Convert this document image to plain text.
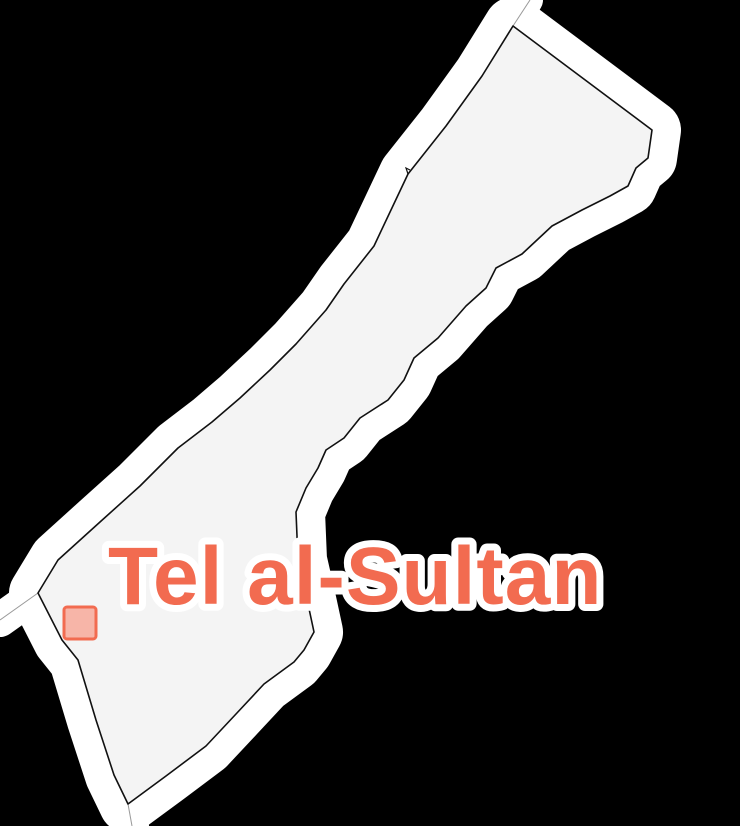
Tel al-Sultan
